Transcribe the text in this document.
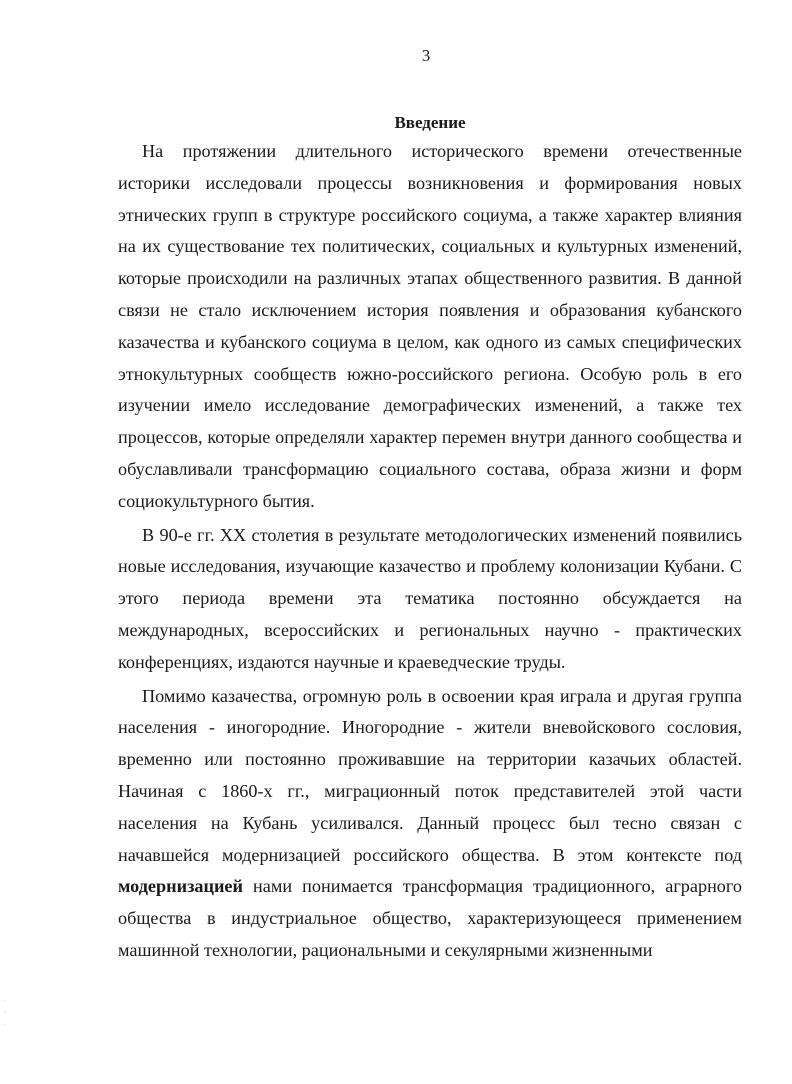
3
Введение

На протяжении длительного исторического времени отечественные историки исследовали процессы возникновения и формирования новых этнических групп в структуре российского социума, а также характер влияния на их существование тех политических, социальных и культурных изменений, которые происходили на различных этапах общественного развития. В данной связи не стало исключением история появления и образования кубанского казачества и кубанского социума в целом, как одного из самых специфических этнокультурных сообществ южно-российского региона. Особую роль в его изучении имело исследование демографических изменений, а также тех процессов, которые определяли характер перемен внутри данного сообщества и обуславливали трансформацию социального состава, образа жизни и форм социокультурного бытия.

В 90-е гг. XX столетия в результате методологических изменений появились новые исследования, изучающие казачество и проблему колонизации Кубани. С этого периода времени эта тематика постоянно обсуждается на международных, всероссийских и региональных научно - практических конференциях, издаются научные и краеведческие труды.

Помимо казачества, огромную роль в освоении края играла и другая группа населения - иногородние. Иногородние - жители вневойскового сословия, временно или постоянно проживавшие на территории казачьих областей. Начиная с 1860-х гг., миграционный поток представителей этой части населения на Кубань усиливался. Данный процесс был тесно связан с начавшейся модернизацией российского общества. В этом контексте под модернизацией нами понимается трансформация традиционного, аграрного общества в индустриальное общество, характеризующееся применением машинной технологии, рациональными и секулярными жизненными

·
·
·
